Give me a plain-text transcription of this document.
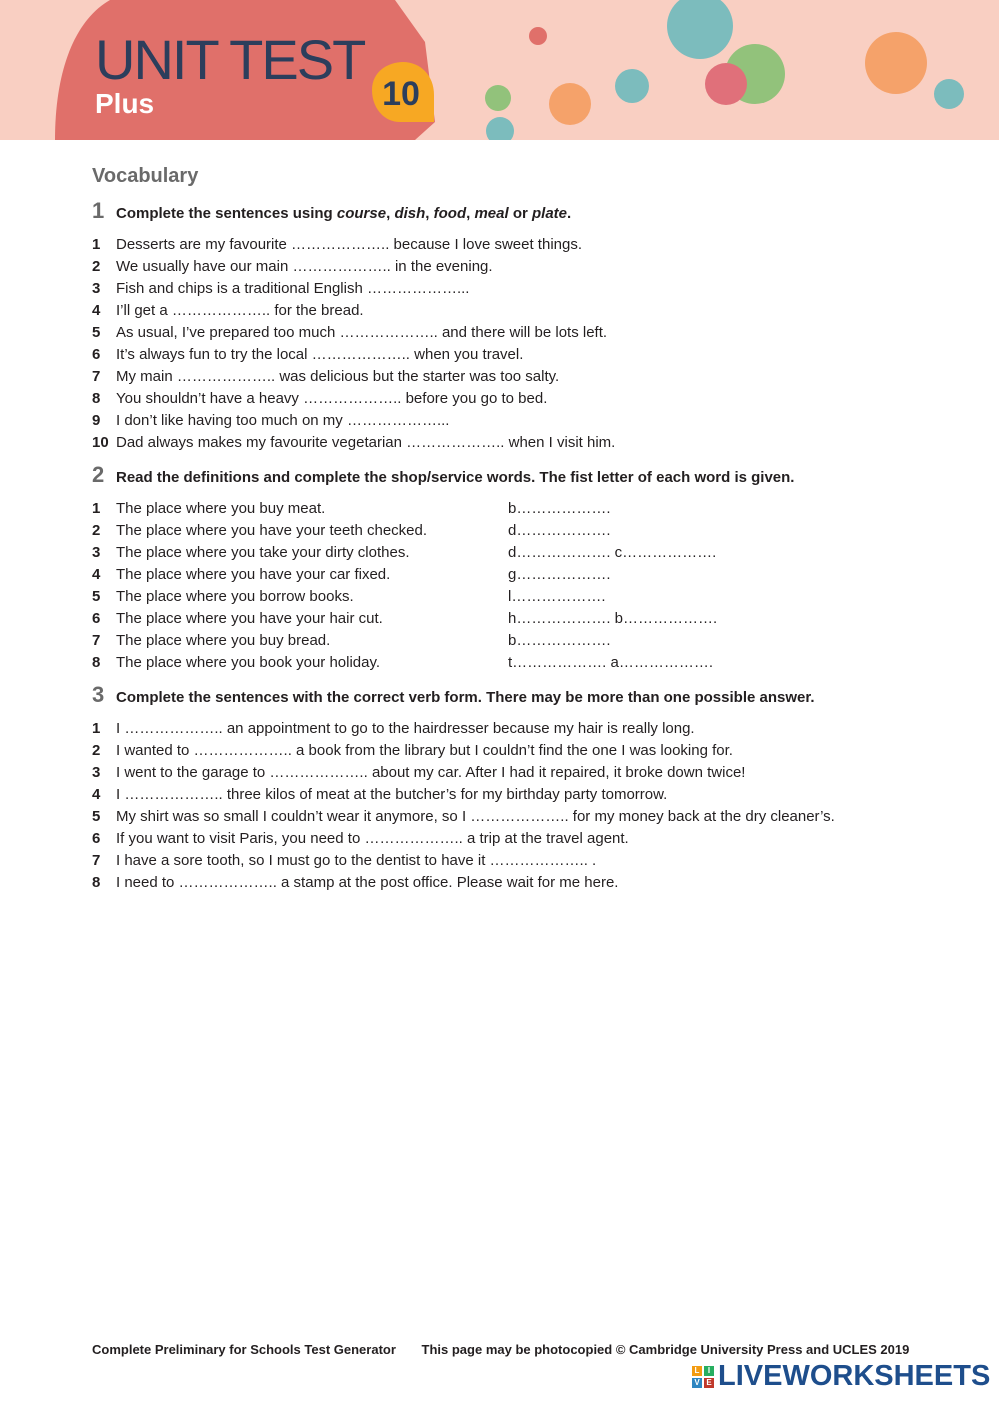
UNIT TEST
Plus	10
Vocabulary
1 Complete the sentences using course, dish, food, meal or plate.
1	Desserts are my favourite ……………….. because I love sweet things.
2	We usually have our main ……………….. in the evening.
3	Fish and chips is a traditional English ………………...
4	I’ll get a ……………….. for the bread.
5	As usual, I’ve prepared too much ……………….. and there will be lots left.
6	It’s always fun to try the local ……………….. when you travel.
7	My main ……………….. was delicious but the starter was too salty.
8	You shouldn’t have a heavy ……………….. before you go to bed.
9	I don’t like having too much on my ………………...
10 Dad always makes my favourite vegetarian ……………….. when I visit him.
2 Read the definitions and complete the shop/service words. The fist letter of each word is given.
1	The place where you buy meat.	b……………….
2	The place where you have your teeth checked.	d……………….
3	The place where you take your dirty clothes.	d………………. c……………….
4	The place where you have your car fixed.	g……………….
5	The place where you borrow books.	l……………….
6	The place where you have your hair cut.	h………………. b……………….
7	The place where you buy bread.	b……………….
8	The place where you book your holiday.	t………………. a……………….
3 Complete the sentences with the correct verb form. There may be more than one possible answer.
1	I ……………….. an appointment to go to the hairdresser because my hair is really long.
2	I wanted to ……………….. a book from the library but I couldn’t find the one I was looking for.
3	I went to the garage to ……………….. about my car. After I had it repaired, it broke down twice!
4	I ……………….. three kilos of meat at the butcher’s for my birthday party tomorrow.
5	My shirt was so small I couldn’t wear it anymore, so I ……………….. for my money back at the dry cleaner’s.
6	If you want to visit Paris, you need to ……………….. a trip at the travel agent.
7	I have a sore tooth, so I must go to the dentist to have it ……………….. .
8	I need to ……………….. a stamp at the post office. Please wait for me here.
Complete Preliminary for Schools Test Generator This page may be photocopied © Cambridge University Press and UCLES 2019
L	I
V E LIVEWORKSHEETS
